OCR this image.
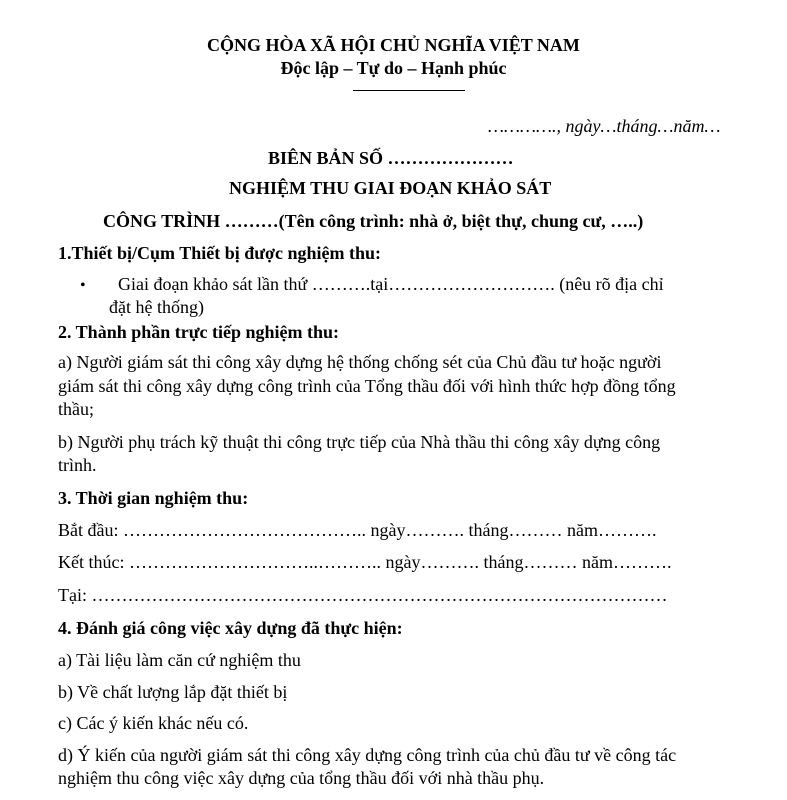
CỘNG HÒA XÃ HỘI CHỦ NGHĨA VIỆT NAM
Độc lập – Tự do – Hạnh phúc
…………., ngày…tháng…năm…
BIÊN BẢN SỐ …………………
NGHIỆM THU GIAI ĐOẠN KHẢO SÁT
CÔNG TRÌNH ………(Tên công trình: nhà ở, biệt thự, chung cư, …..)
1.Thiết bị/Cụm Thiết bị được nghiệm thu:
• Giai đoạn khảo sát lần thứ ……….tại………………………. (nêu rõ địa chỉ
đặt hệ thống)
2. Thành phần trực tiếp nghiệm thu:
a) Người giám sát thi công xây dựng hệ thống chống sét của Chủ đầu tư hoặc người
giám sát thi công xây dựng công trình của Tổng thầu đối với hình thức hợp đồng tổng
thầu;
b) Người phụ trách kỹ thuật thi công trực tiếp của Nhà thầu thi công xây dựng công
trình.
3. Thời gian nghiệm thu:
Bắt đầu: ………………………………….. ngày………. tháng……… năm……….
Kết thúc: …………………………..……….. ngày………. tháng……… năm……….
Tại: ……………………………………………………………………………………
4. Đánh giá công việc xây dựng đã thực hiện:
a) Tài liệu làm căn cứ nghiệm thu
b) Về chất lượng lắp đặt thiết bị
c) Các ý kiến khác nếu có.
d) Ý kiến của người giám sát thi công xây dựng công trình của chủ đầu tư về công tác
nghiệm thu công việc xây dựng của tổng thầu đối với nhà thầu phụ.
